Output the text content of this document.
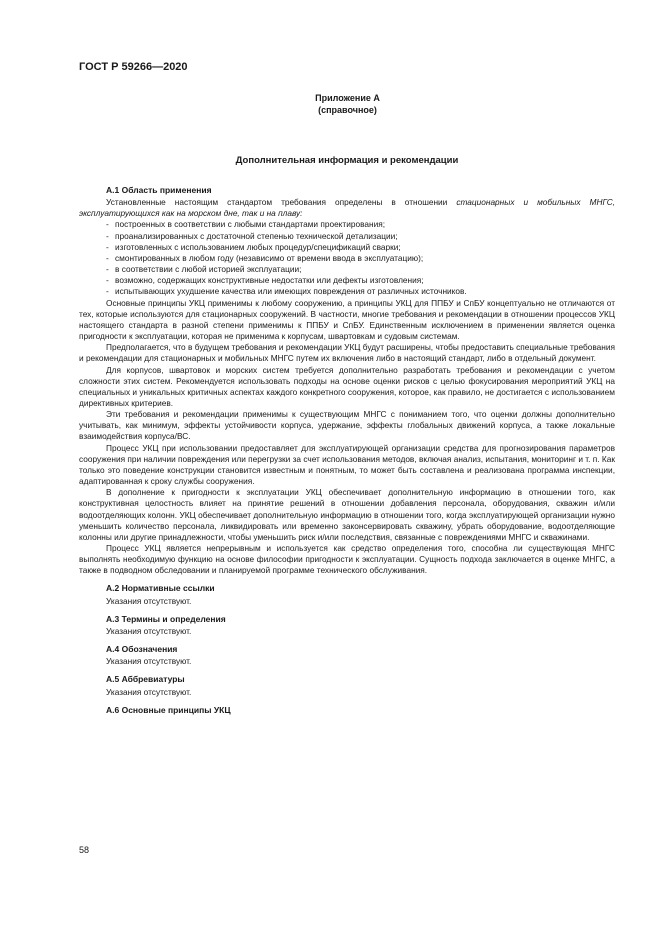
ГОСТ Р 59266—2020
Приложение А
(справочное)
Дополнительная информация и рекомендации
А.1 Область применения

Установленные настоящим стандартом требования определены в отношении стационарных и мобильных МНГС, эксплуатирующихся как на морском дне, так и на плаву:

- построенных в соответствии с любыми стандартами проектирования;
- проанализированных с достаточной степенью технической детализации;
- изготовленных с использованием любых процедур/спецификаций сварки;
- смонтированных в любом году (независимо от времени ввода в эксплуатацию);
- в соответствии с любой историей эксплуатации;
- возможно, содержащих конструктивные недостатки или дефекты изготовления;
- испытывающих ухудшение качества или имеющих повреждения от различных источников.

Основные принципы УКЦ применимы к любому сооружению, а принципы УКЦ для ППБУ и СпБУ концептуально не отличаются от тех, которые используются для стационарных сооружений. В частности, многие требования и рекомендации в отношении процессов УКЦ настоящего стандарта в разной степени применимы к ППБУ и СпБУ. Единственным исключением в применении является оценка пригодности к эксплуатации, которая не применима к корпусам, швартовкам и судовым системам.

Предполагается, что в будущем требования и рекомендации УКЦ будут расширены, чтобы предоставить специальные требования и рекомендации для стационарных и мобильных МНГС путем их включения либо в настоящий стандарт, либо в отдельный документ.

Для корпусов, швартовок и морских систем требуется дополнительно разработать требования и рекомендации с учетом сложности этих систем. Рекомендуется использовать подходы на основе оценки рисков с целью фокусирования мероприятий УКЦ на специальных и уникальных критичных аспектах каждого конкретного сооружения, которое, как правило, не достигается с использованием директивных критериев.

Эти требования и рекомендации применимы к существующим МНГС с пониманием того, что оценки должны дополнительно учитывать, как минимум, эффекты устойчивости корпуса, удержание, эффекты глобальных движений корпуса, а также локальные взаимодействия корпуса/ВС.

Процесс УКЦ при использовании предоставляет для эксплуатирующей организации средства для прогнозирования параметров сооружения при наличии повреждения или перегрузки за счет использования методов, включая анализ, испытания, мониторинг и т. п. Как только это поведение конструкции становится известным и понятным, то может быть составлена и реализована программа инспекции, адаптированная к сроку службы сооружения.

В дополнение к пригодности к эксплуатации УКЦ обеспечивает дополнительную информацию в отношении того, как конструктивная целостность влияет на принятие решений в отношении добавления персонала, оборудования, скважин и/или водоотделяющих колонн. УКЦ обеспечивает дополнительную информацию в отношении того, когда эксплуатирующей организации нужно уменьшить количество персонала, ликвидировать или временно законсервировать скважину, убрать оборудование, водоотделяющие колонны или другие принадлежности, чтобы уменьшить риск и/или последствия, связанные с повреждениями МНГС и скважинами.

Процесс УКЦ является непрерывным и используется как средство определения того, способна ли существующая МНГС выполнять необходимую функцию на основе философии пригодности к эксплуатации. Сущность подхода заключается в оценке МНГС, а также в подводном обследовании и планируемой программе технического обслуживания.

А.2 Нормативные ссылки

Указания отсутствуют.

А.3 Термины и определения

Указания отсутствуют.

А.4 Обозначения

Указания отсутствуют.

А.5 Аббревиатуры

Указания отсутствуют.

А.6 Основные принципы УКЦ
58
